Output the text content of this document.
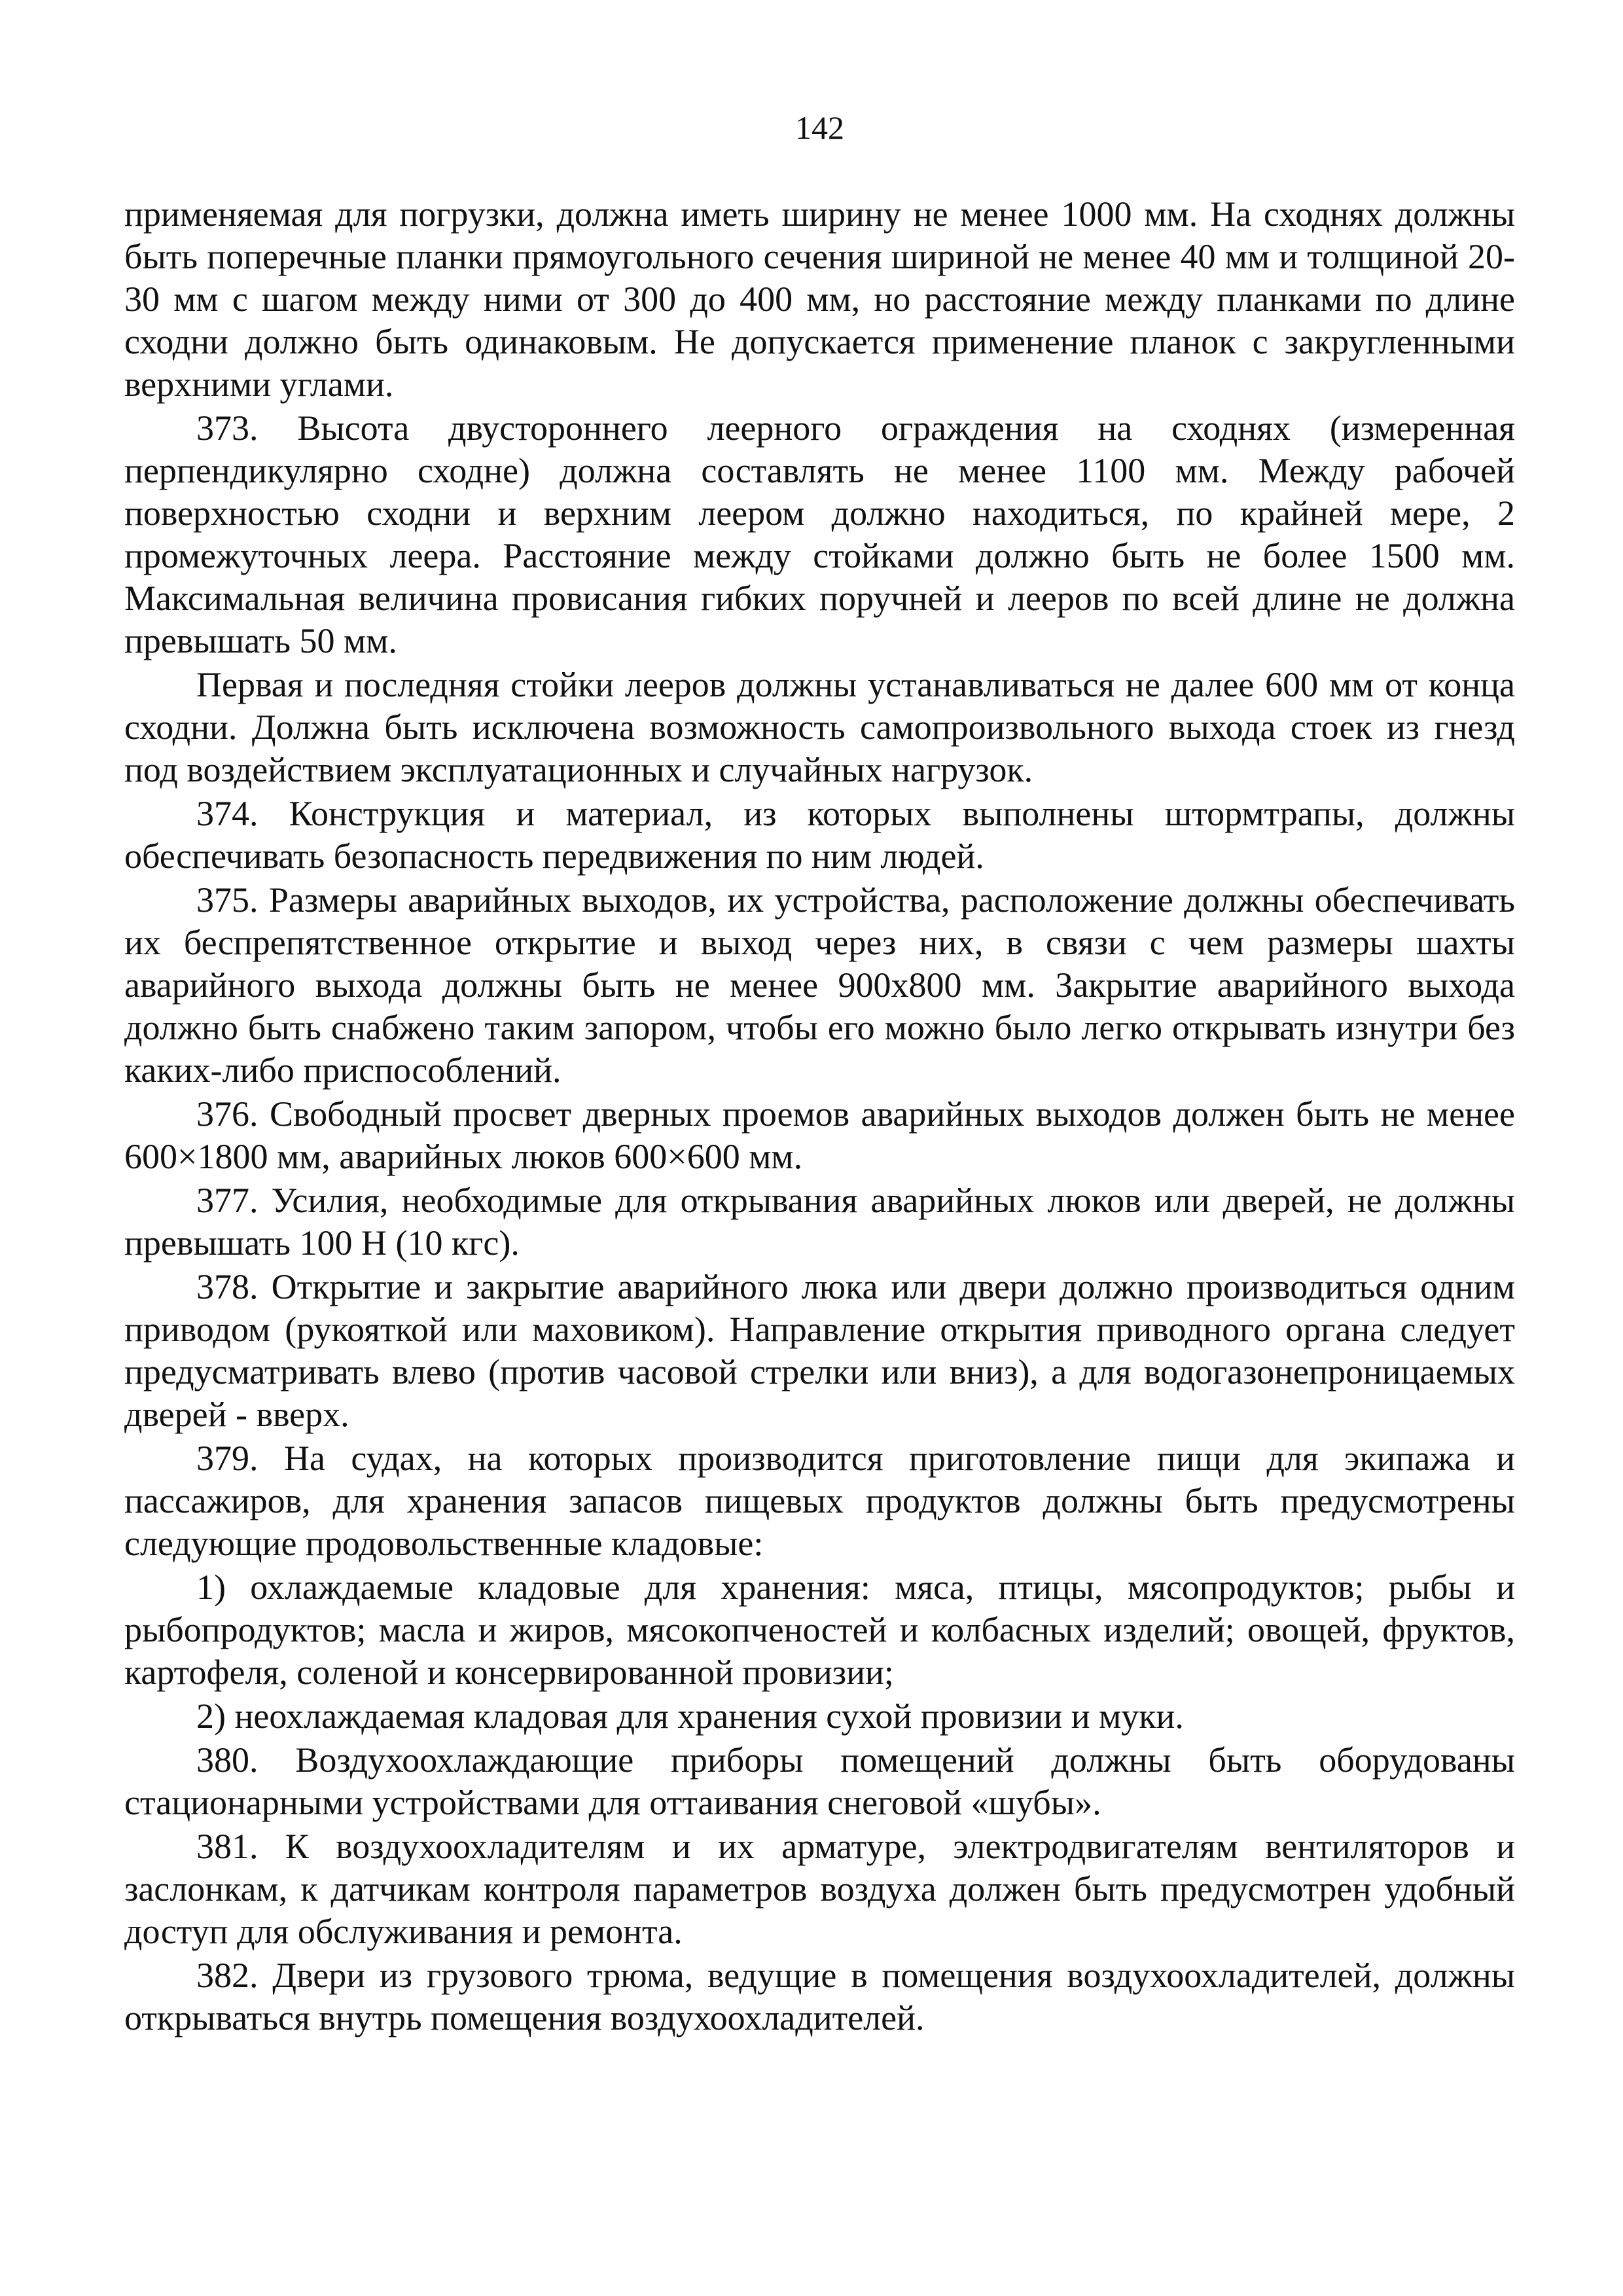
142

применяемая для погрузки, должна иметь ширину не менее 1000 мм. На сходнях должны быть поперечные планки прямоугольного сечения шириной не менее 40 мм и толщиной 20-30 мм с шагом между ними от 300 до 400 мм, но расстояние между планками по длине сходни должно быть одинаковым. Не допускается применение планок с закругленными верхними углами.

373. Высота двустороннего леерного ограждения на сходнях (измеренная перпендикулярно сходне) должна составлять не менее 1100 мм. Между рабочей поверхностью сходни и верхним леером должно находиться, по крайней мере, 2 промежуточных леера. Расстояние между стойками должно быть не более 1500 мм. Максимальная величина провисания гибких поручней и лееров по всей длине не должна превышать 50 мм.

Первая и последняя стойки лееров должны устанавливаться не далее 600 мм от конца сходни. Должна быть исключена возможность самопроизвольного выхода стоек из гнезд под воздействием эксплуатационных и случайных нагрузок.

374. Конструкция и материал, из которых выполнены штормтрапы, должны обеспечивать безопасность передвижения по ним людей.

375. Размеры аварийных выходов, их устройства, расположение должны обеспечивать их беспрепятственное открытие и выход через них, в связи с чем размеры шахты аварийного выхода должны быть не менее 900х800 мм. Закрытие аварийного выхода должно быть снабжено таким запором, чтобы его можно было легко открывать изнутри без каких-либо приспособлений.

376. Свободный просвет дверных проемов аварийных выходов должен быть не менее 600×1800 мм, аварийных люков 600×600 мм.

377. Усилия, необходимые для открывания аварийных люков или дверей, не должны превышать 100 Н (10 кгс).

378. Открытие и закрытие аварийного люка или двери должно производиться одним приводом (рукояткой или маховиком). Направление открытия приводного органа следует предусматривать влево (против часовой стрелки или вниз), а для водогазонепроницаемых дверей - вверх.

379. На судах, на которых производится приготовление пищи для экипажа и пассажиров, для хранения запасов пищевых продуктов должны быть предусмотрены следующие продовольственные кладовые:

1) охлаждаемые кладовые для хранения: мяса, птицы, мясопродуктов; рыбы и рыбопродуктов; масла и жиров, мясокопченостей и колбасных изделий; овощей, фруктов, картофеля, соленой и консервированной провизии;

2) неохлаждаемая кладовая для хранения сухой провизии и муки.

380. Воздухоохлаждающие приборы помещений должны быть оборудованы стационарными устройствами для оттаивания снеговой «шубы».

381. К воздухоохладителям и их арматуре, электродвигателям вентиляторов и заслонкам, к датчикам контроля параметров воздуха должен быть предусмотрен удобный доступ для обслуживания и ремонта.

382. Двери из грузового трюма, ведущие в помещения воздухоохладителей, должны открываться внутрь помещения воздухоохладителей.
